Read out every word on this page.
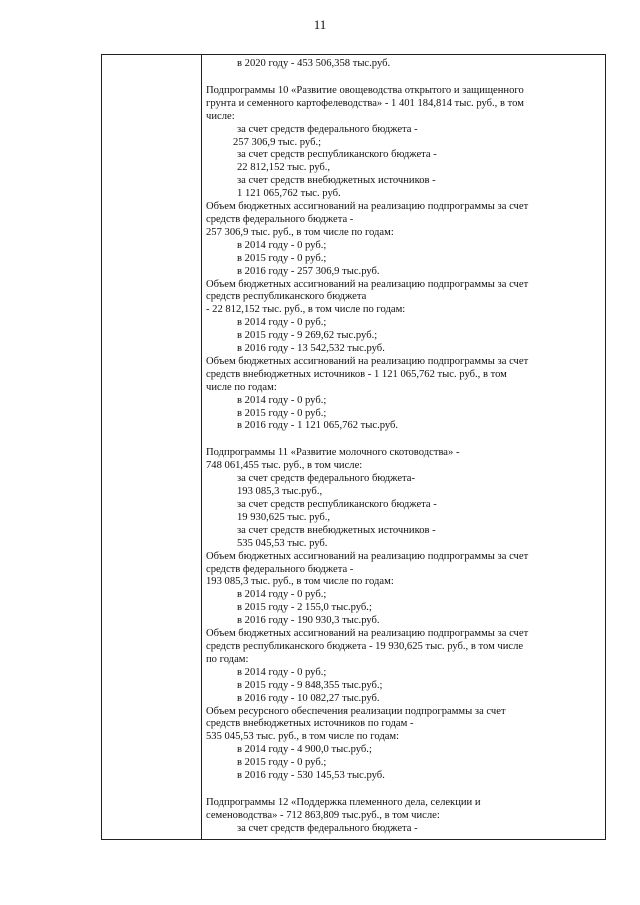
11
в 2020 году - 453 506,358 тыс.руб.
Подпрограммы 10 «Развитие овощеводства открытого и защищенного
грунта и семенного картофелеводства» - 1 401 184,814 тыс. руб., в том
числе:
за счет средств федерального бюджета -
257 306,9 тыс. руб.;
за счет средств республиканского бюджета -
22 812,152 тыс. руб.,
за счет средств внебюджетных источников -
1 121 065,762 тыс. руб.
Объем бюджетных ассигнований на реализацию подпрограммы за счет
средств федерального бюджета -
257 306,9 тыс. руб., в том числе по годам:
в 2014 году - 0 руб.;
в 2015 году - 0 руб.;
в 2016 году - 257 306,9 тыс.руб.
Объем бюджетных ассигнований на реализацию подпрограммы за счет
средств республиканского бюджета
- 22 812,152 тыс. руб., в том числе по годам:
в 2014 году - 0 руб.;
в 2015 году - 9 269,62 тыс.руб.;
в 2016 году - 13 542,532 тыс.руб.
Объем бюджетных ассигнований на реализацию подпрограммы за счет
средств внебюджетных источников - 1 121 065,762 тыс. руб., в том
числе по годам:
в 2014 году - 0 руб.;
в 2015 году - 0 руб.;
в 2016 году - 1 121 065,762 тыс.руб.
Подпрограммы 11 «Развитие молочного скотоводства» -
748 061,455 тыс. руб., в том числе:
за счет средств федерального бюджета-
193 085,3 тыс.руб.,
за счет средств республиканского бюджета -
19 930,625 тыс. руб.,
за счет средств внебюджетных источников -
535 045,53 тыс. руб.
Объем бюджетных ассигнований на реализацию подпрограммы за счет
средств федерального бюджета -
193 085,3 тыс. руб., в том числе по годам:
в 2014 году - 0 руб.;
в 2015 году - 2 155,0 тыс.руб.;
в 2016 году - 190 930,3 тыс.руб.
Объем бюджетных ассигнований на реализацию подпрограммы за счет
средств республиканского бюджета - 19 930,625 тыс. руб., в том числе
по годам:
в 2014 году - 0 руб.;
в 2015 году - 9 848,355 тыс.руб.;
в 2016 году - 10 082,27 тыс.руб.
Объем ресурсного обеспечения реализации подпрограммы за счет
средств внебюджетных источников по годам -
535 045,53 тыс. руб., в том числе по годам:
в 2014 году - 4 900,0 тыс.руб.;
в 2015 году - 0 руб.;
в 2016 году - 530 145,53 тыс.руб.
Подпрограммы 12 «Поддержка племенного дела, селекции и
семеноводства» - 712 863,809 тыс.руб., в том числе:
за счет средств федерального бюджета -
